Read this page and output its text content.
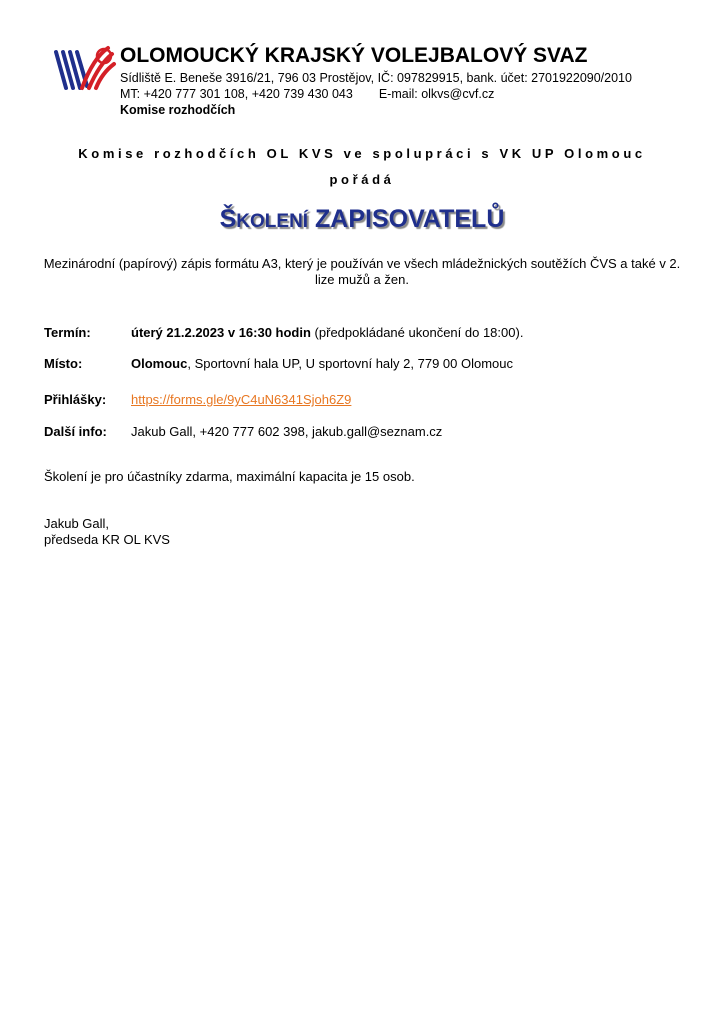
OLOMOUCKÝ KRAJSKÝ VOLEJBALOVÝ SVAZ
Sídliště E. Beneše 3916/21, 796 03 Prostějov, IČ: 097829915, bank. účet: 2701922090/2010
MT: +420 777 301 108, +420 739 430 043 E-mail: olkvs@cvf.cz
Komise rozhodčích
Komise rozhodčích OL KVS ve spolupráci s VK UP Olomouc
pořádá
ŠKOLENÍ ZAPISOVATELŮ
Mezinárodní (papírový) zápis formátu A3, který je používán ve všech mládežnických soutěžích ČVS a také v 2. lize mužů a žen.
Termín:	úterý 21.2.2023 v 16:30 hodin (předpokládané ukončení do 18:00).
Místo:	Olomouc, Sportovní hala UP, U sportovní haly 2, 779 00 Olomouc
Přihlášky: https://forms.gle/9yC4uN6341Sjoh6Z9
Další info: Jakub Gall, +420 777 602 398, jakub.gall@seznam.cz
Školení je pro účastníky zdarma, maximální kapacita je 15 osob.
Jakub Gall,
předseda KR OL KVS
